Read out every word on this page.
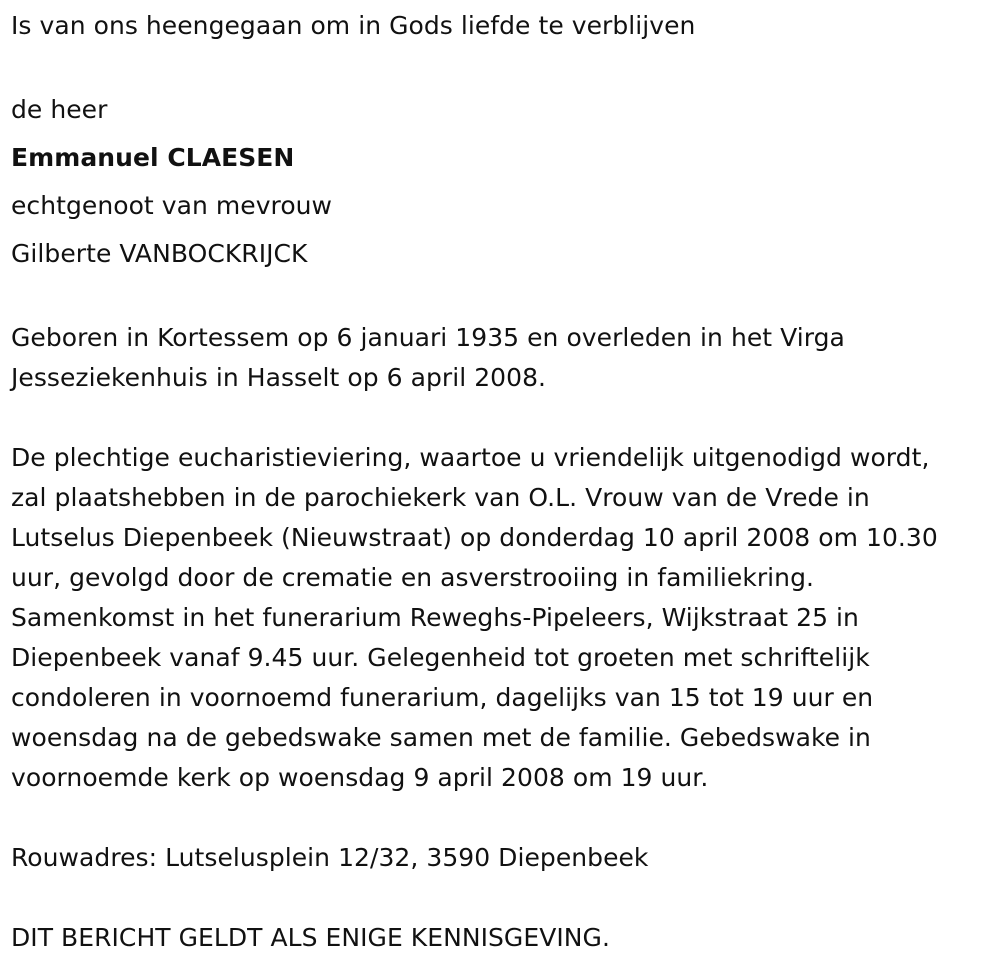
Is van ons heengegaan om in Gods liefde te verblijven
de heer
Emmanuel CLAESEN
echtgenoot van mevrouw
Gilberte VANBOCKRIJCK
Geboren in Kortessem op 6 januari 1935 en overleden in het Virga
Jesseziekenhuis in Hasselt op 6 april 2008.
De plechtige eucharistieviering, waartoe u vriendelijk uitgenodigd wordt,
zal plaatshebben in de parochiekerk van O.L. Vrouw van de Vrede in
Lutselus Diepenbeek (Nieuwstraat) op donderdag 10 april 2008 om 10.30
uur, gevolgd door de crematie en asverstrooiing in familiekring.
Samenkomst in het funerarium Reweghs-Pipeleers, Wijkstraat 25 in
Diepenbeek vanaf 9.45 uur. Gelegenheid tot groeten met schriftelijk
condoleren in voornoemd funerarium, dagelijks van 15 tot 19 uur en
woensdag na de gebedswake samen met de familie. Gebedswake in
voornoemde kerk op woensdag 9 april 2008 om 19 uur.
Rouwadres: Lutselusplein 12/32, 3590 Diepenbeek
DIT BERICHT GELDT ALS ENIGE KENNISGEVING.
